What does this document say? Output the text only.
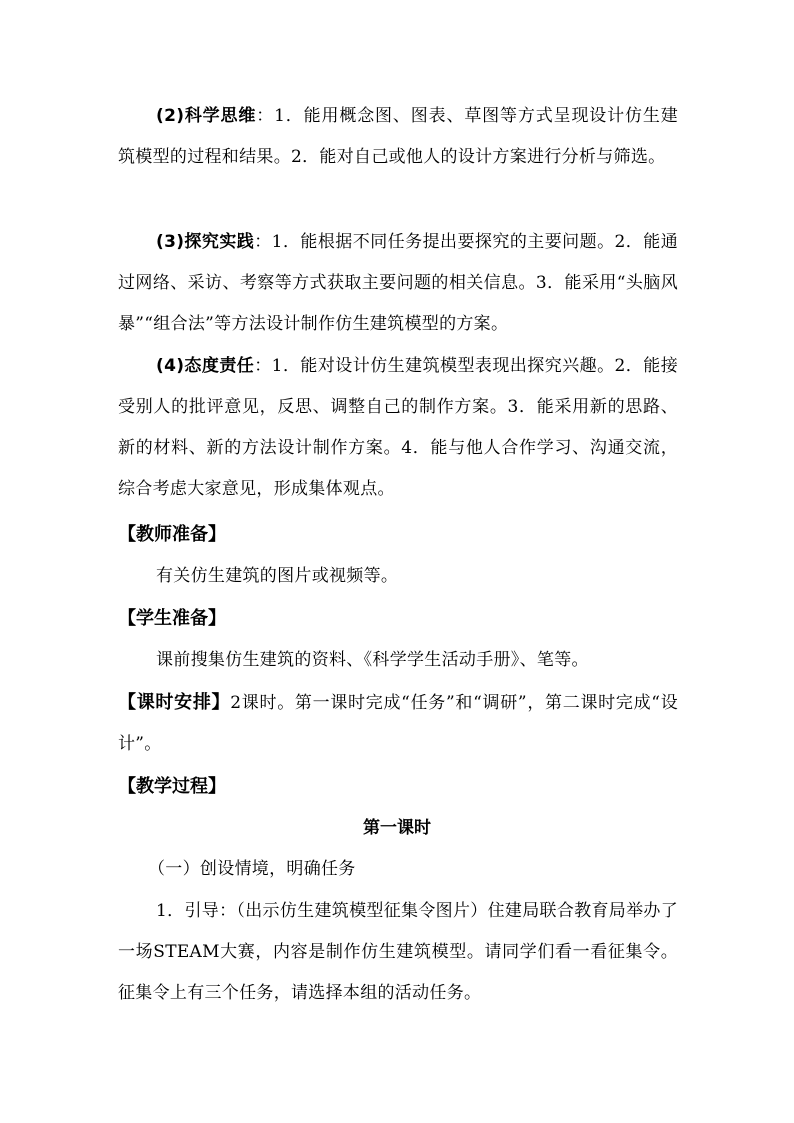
(2)科学思维：1．能用概念图、图表、草图等方式呈现设计仿生建筑模型的过程和结果。2．能对自己或他人的设计方案进行分析与筛选。

(3)探究实践：1．能根据不同任务提出要探究的主要问题。2．能通过网络、采访、考察等方式获取主要问题的相关信息。3．能采用“头脑风暴”“组合法”等方法设计制作仿生建筑模型的方案。

(4)态度责任：1．能对设计仿生建筑模型表现出探究兴趣。2．能接受别人的批评意见，反思、调整自己的制作方案。3．能采用新的思路、新的材料、新的方法设计制作方案。4．能与他人合作学习、沟通交流，综合考虑大家意见，形成集体观点。

【教师准备】

有关仿生建筑的图片或视频等。

【学生准备】

课前搜集仿生建筑的资料、《科学学生活动手册》、笔等。

【课时安排】2课时。第一课时完成“任务”和“调研”，第二课时完成“设计”。

【教学过程】
第一课时

（一）创设情境，明确任务

1．引导：（出示仿生建筑模型征集令图片）住建局联合教育局举办了一场STEAM大赛，内容是制作仿生建筑模型。请同学们看一看征集令。征集令上有三个任务，请选择本组的活动任务。
